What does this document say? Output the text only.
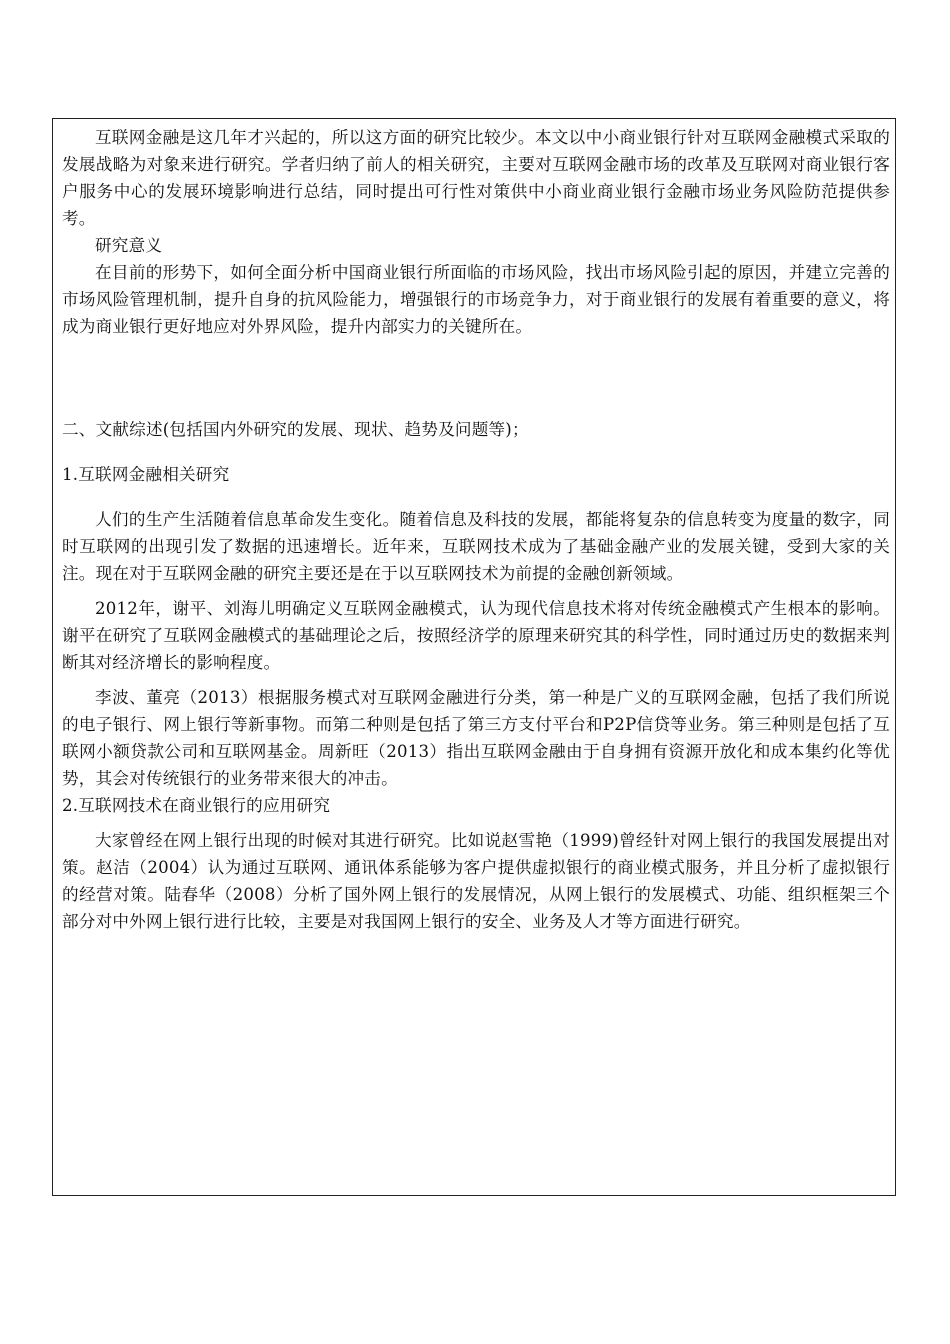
互联网金融是这几年才兴起的，所以这方面的研究比较少。本文以中小商业银行针对互联网金融模式采取的发展战略为对象来进行研究。学者归纳了前人的相关研究，主要对互联网金融市场的改革及互联网对商业银行客户服务中心的发展环境影响进行总结，同时提出可行性对策供中小商业商业银行金融市场业务风险防范提供参考。

研究意义

在目前的形势下，如何全面分析中国商业银行所面临的市场风险，找出市场风险引起的原因，并建立完善的市场风险管理机制，提升自身的抗风险能力，增强银行的市场竞争力，对于商业银行的发展有着重要的意义，将成为商业银行更好地应对外界风险，提升内部实力的关键所在。

二、文献综述(包括国内外研究的发展、现状、趋势及问题等)；

1.互联网金融相关研究

人们的生产生活随着信息革命发生变化。随着信息及科技的发展，都能将复杂的信息转变为度量的数字，同时互联网的出现引发了数据的迅速增长。近年来，互联网技术成为了基础金融产业的发展关键，受到大家的关注。现在对于互联网金融的研究主要还是在于以互联网技术为前提的金融创新领域。

2012年，谢平、刘海儿明确定义互联网金融模式，认为现代信息技术将对传统金融模式产生根本的影响。谢平在研究了互联网金融模式的基础理论之后，按照经济学的原理来研究其的科学性，同时通过历史的数据来判断其对经济增长的影响程度。

李波、董亮（2013）根据服务模式对互联网金融进行分类，第一种是广义的互联网金融，包括了我们所说的电子银行、网上银行等新事物。而第二种则是包括了第三方支付平台和P2P信贷等业务。第三种则是包括了互联网小额贷款公司和互联网基金。周新旺（2013）指出互联网金融由于自身拥有资源开放化和成本集约化等优势，其会对传统银行的业务带来很大的冲击。

2.互联网技术在商业银行的应用研究

大家曾经在网上银行出现的时候对其进行研究。比如说赵雪艳（1999)曾经针对网上银行的我国发展提出对策。赵洁（2004）认为通过互联网、通讯体系能够为客户提供虚拟银行的商业模式服务，并且分析了虚拟银行的经营对策。陆春华（2008）分析了国外网上银行的发展情况，从网上银行的发展模式、功能、组织框架三个部分对中外网上银行进行比较，主要是对我国网上银行的安全、业务及人才等方面进行研究。
